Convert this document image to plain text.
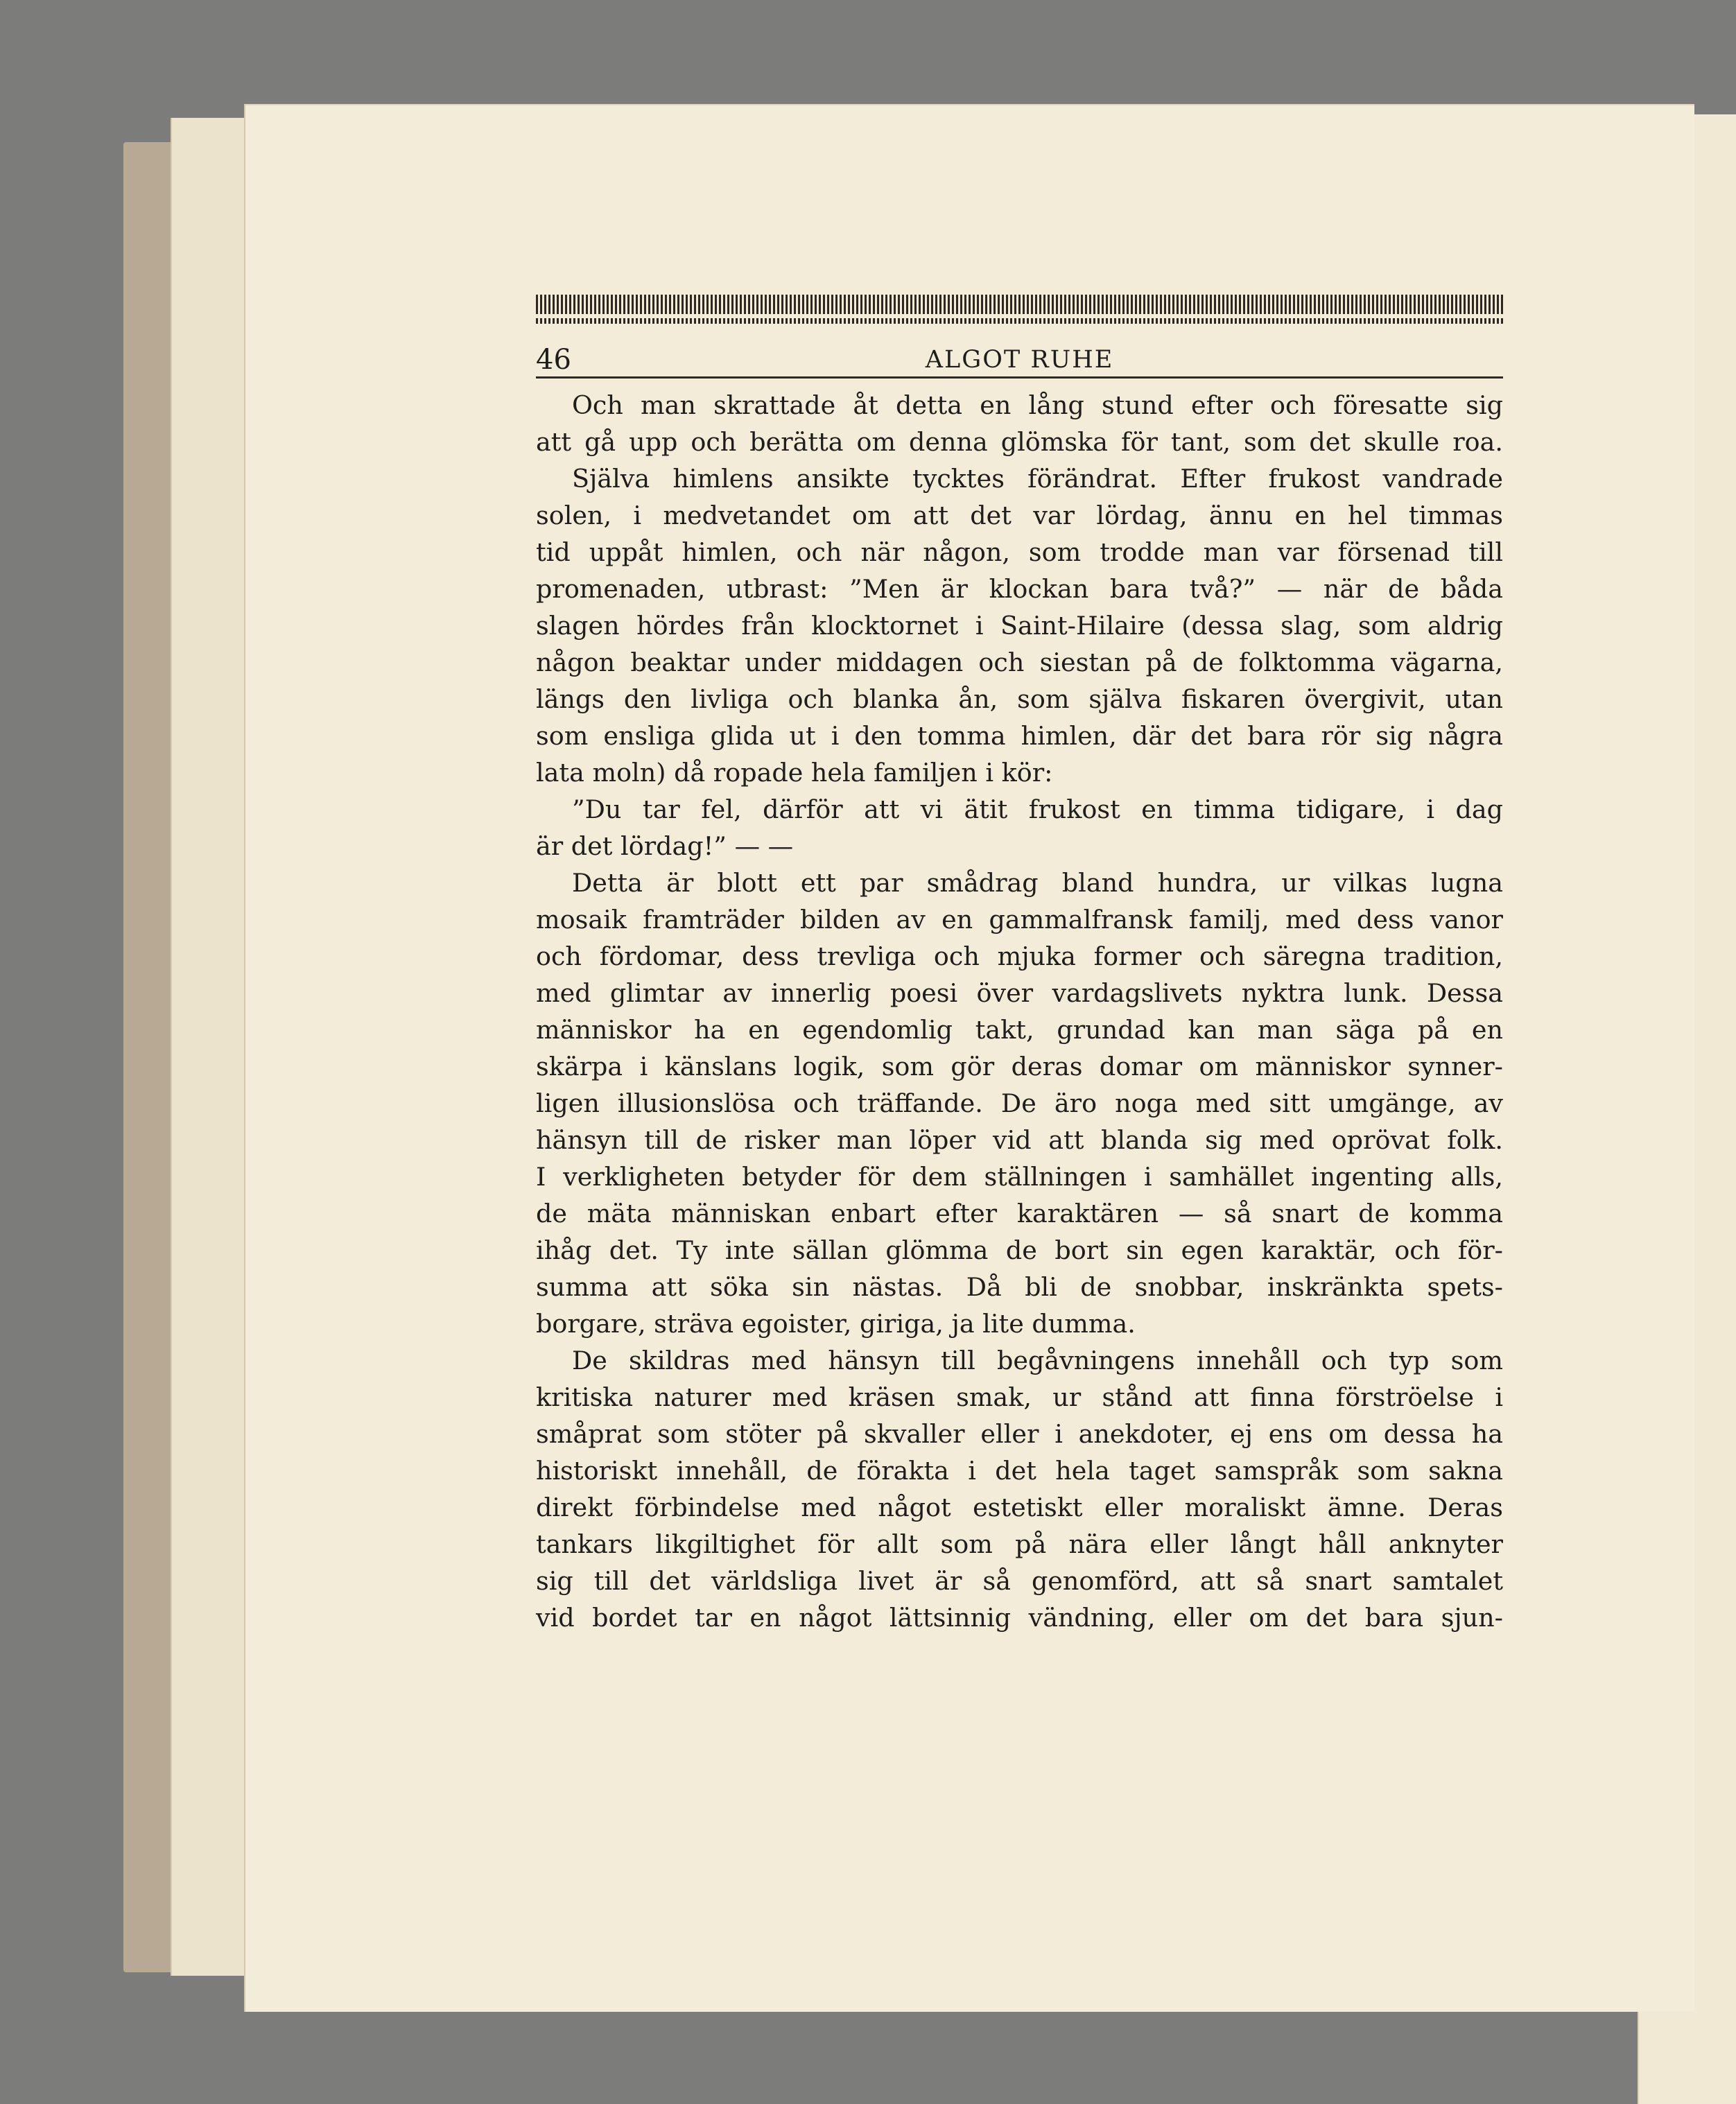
46	ALGOT RUHE
Och man skrattade åt detta en lång stund efter och föresatte sig
att gå upp och berätta om denna glömska för tant, som det skulle roa.
Själva himlens ansikte tycktes förändrat. Efter frukost vandrade
solen, i medvetandet om att det var lördag, ännu en hel timmas
tid uppåt himlen, och när någon, som trodde man var försenad till
promenaden, utbrast: ”Men är klockan bara två?” — när de båda
slagen hördes från klocktornet i Saint-Hilaire (dessa slag, som aldrig
någon beaktar under middagen och siestan på de folktomma vägarna,
längs den livliga och blanka ån, som själva fiskaren övergivit, utan
som ensliga glida ut i den tomma himlen, där det bara rör sig några
lata moln) då ropade hela familjen i kör:
”Du tar fel, därför att vi ätit frukost en timma tidigare, i dag
är det lördag!” — —
Detta är blott ett par smådrag bland hundra, ur vilkas lugna
mosaik framträder bilden av en gammalfransk familj, med dess vanor
och fördomar, dess trevliga och mjuka former och säregna tradition,
med glimtar av innerlig poesi över vardagslivets nyktra lunk. Dessa
människor ha en egendomlig takt, grundad kan man säga på en
skärpa i känslans logik, som gör deras domar om människor synner-
ligen illusionslösa och träffande. De äro noga med sitt umgänge, av
hänsyn till de risker man löper vid att blanda sig med oprövat folk.
I verkligheten betyder för dem ställningen i samhället ingenting alls,
de mäta människan enbart efter karaktären — så snart de komma
ihåg det. Ty inte sällan glömma de bort sin egen karaktär, och för-
summa att söka sin nästas. Då bli de snobbar, inskränkta spets-
borgare, sträva egoister, giriga, ja lite dumma.
De skildras med hänsyn till begåvningens innehåll och typ som
kritiska naturer med kräsen smak, ur stånd att finna förströelse i
småprat som stöter på skvaller eller i anekdoter, ej ens om dessa ha
historiskt innehåll, de förakta i det hela taget samspråk som sakna
direkt förbindelse med något estetiskt eller moraliskt ämne. Deras
tankars likgiltighet för allt som på nära eller långt håll anknyter
sig till det världsliga livet är så genomförd, att så snart samtalet
vid bordet tar en något lättsinnig vändning, eller om det bara sjun-
